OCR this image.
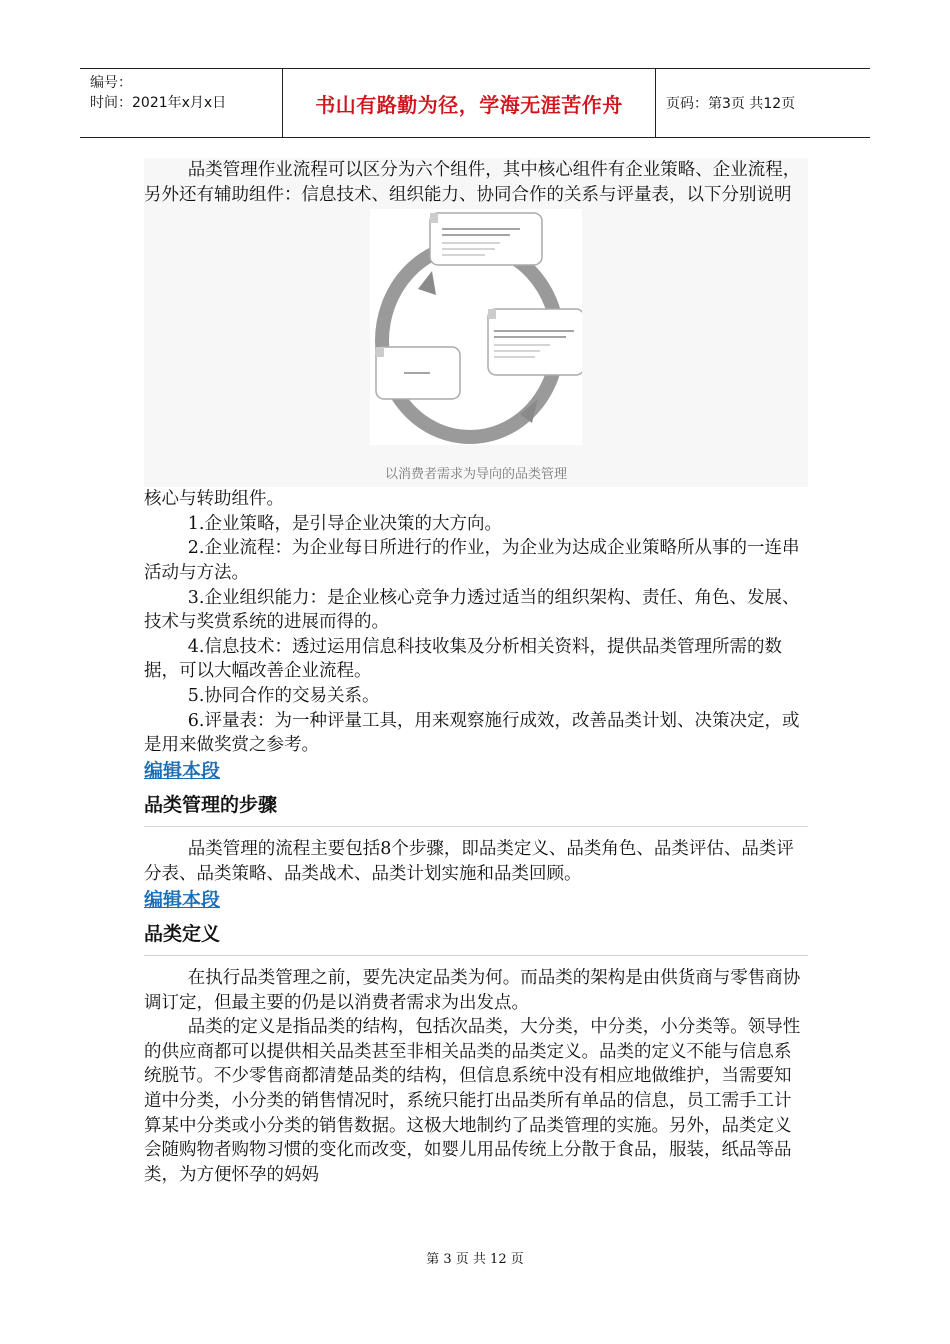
编号：
时间：2021年x月x日	书山有路勤为径，学海无涯苦作舟	页码：第3页 共12页

品类管理作业流程可以区分为六个组件，其中核心组件有企业策略、企业流程，另外还有辅助组件：信息技术、组织能力、协同合作的关系与评量表，以下分别说明

以消费者需求为导向的品类管理

核心与转助组件。

1.企业策略，是引导企业决策的大方向。

2.企业流程：为企业每日所进行的作业，为企业为达成企业策略所从事的一连串活动与方法。

3.企业组织能力：是企业核心竞争力透过适当的组织架构、责任、角色、发展、技术与奖赏系统的进展而得的。

4.信息技术：透过运用信息科技收集及分析相关资料，提供品类管理所需的数据，可以大幅改善企业流程。

5.协同合作的交易关系。

6.评量表：为一种评量工具，用来观察施行成效，改善品类计划、决策决定，或是用来做奖赏之参考。

编辑本段
品类管理的步骤

品类管理的流程主要包括8个步骤，即品类定义、品类角色、品类评估、品类评分表、品类策略、品类战术、品类计划实施和品类回顾。

编辑本段
品类定义

在执行品类管理之前，要先决定品类为何。而品类的架构是由供货商与零售商协调订定，但最主要的仍是以消费者需求为出发点。

品类的定义是指品类的结构，包括次品类，大分类，中分类，小分类等。领导性的供应商都可以提供相关品类甚至非相关品类的品类定义。品类的定义不能与信息系统脱节。不少零售商都清楚品类的结构，但信息系统中没有相应地做维护，当需要知道中分类，小分类的销售情况时，系统只能打出品类所有单品的信息，员工需手工计算某中分类或小分类的销售数据。这极大地制约了品类管理的实施。另外，品类定义会随购物者购物习惯的变化而改变，如婴儿用品传统上分散于食品，服装，纸品等品类，为方便怀孕的妈妈

第 3 页 共 12 页
